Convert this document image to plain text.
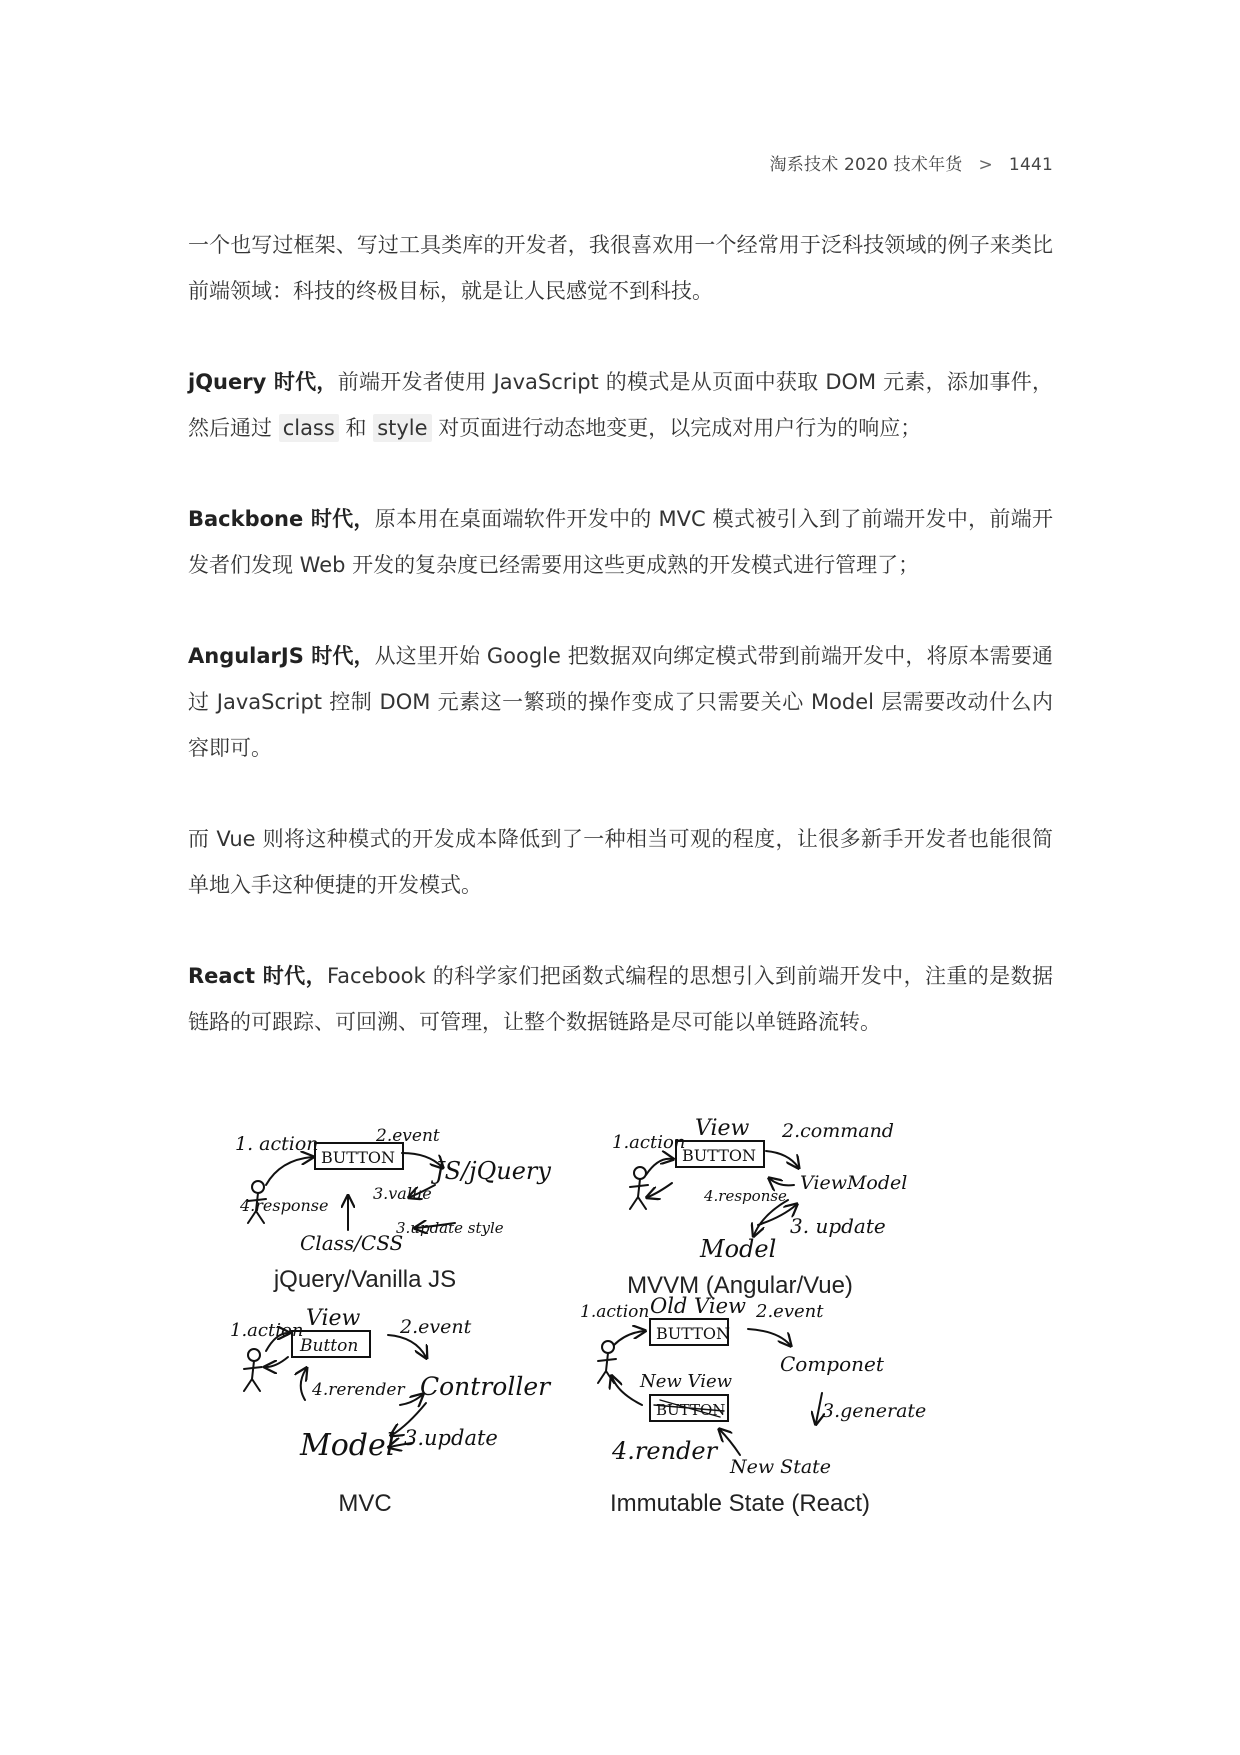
淘系技术 2020 技术年货 > 1441

一个也写过框架、写过工具类库的开发者，我很喜欢用一个经常用于泛科技领域的例子来类比前端领域：科技的终极目标，就是让人民感觉不到科技。

jQuery 时代，前端开发者使用 JavaScript 的模式是从页面中获取 DOM 元素，添加事件，然后通过 class 和 style 对页面进行动态地变更，以完成对用户行为的响应；

Backbone 时代，原本用在桌面端软件开发中的 MVC 模式被引入到了前端开发中，前端开发者们发现 Web 开发的复杂度已经需要用这些更成熟的开发模式进行管理了；

AngularJS 时代，从这里开始 Google 把数据双向绑定模式带到前端开发中，将原本需要通过 JavaScript 控制 DOM 元素这一繁琐的操作变成了只需要关心 Model 层需要改动什么内容即可。

而 Vue 则将这种模式的开发成本降低到了一种相当可观的程度，让很多新手开发者也能很简单地入手这种便捷的开发模式。

React 时代，Facebook 的科学家们把函数式编程的思想引入到前端开发中，注重的是数据链路的可跟踪、可回溯、可管理，让整个数据链路是尽可能以单链路流转。

1. action
BUTTON
2.event
JS/jQuery
3.value
4.response
Class/CSS
3.update style
1.action
View
BUTTON
2.command
ViewModel
4.response
3. update
Model
1.action View
Button
2.event
Controller
4.rerender
Model 3.update
1.action Old View
BUTTON
2.event
Componet
New View
BUTTON	3.generate
4.render
New State
jQuery/Vanilla JS	MVVM (Angular/Vue)
MVC	Immutable State (React)
